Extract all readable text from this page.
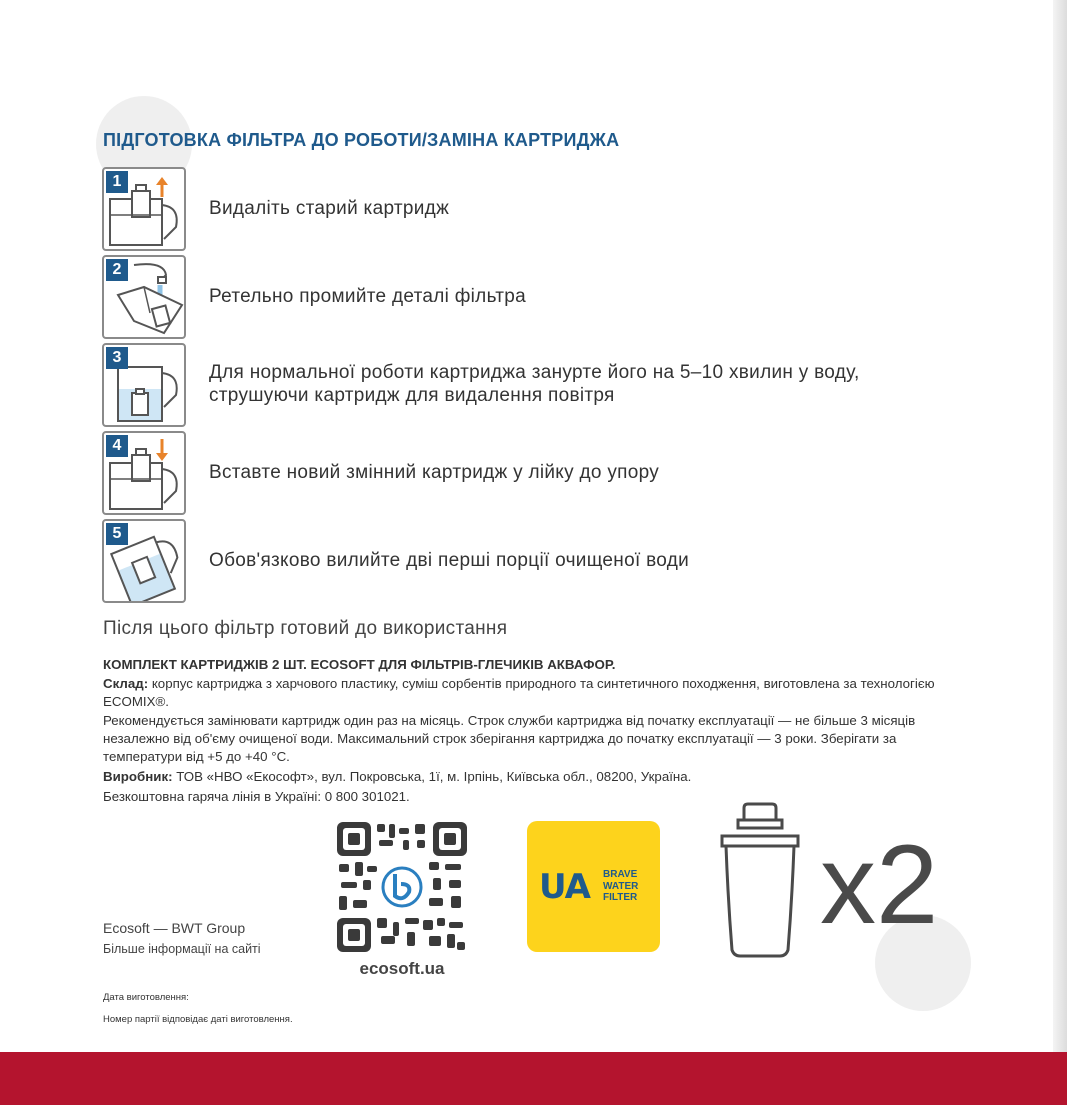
ПІДГОТОВКА ФІЛЬТРА ДО РОБОТИ/ЗАМІНА КАРТРИДЖА
1
Видаліть старий картридж
2
Ретельно промийте деталі фільтра
3
Для нормальної роботи картриджа занурте його на 5–10 хвилин у воду,
струшуючи картридж для видалення повітря
4
Вставте новий змінний картридж у лійку до упору
5
Обов'язково вилийте дві перші порції очищеної води
Після цього фільтр готовий до використання
КОМПЛЕКТ КАРТРИДЖІВ 2 ШТ. ECOSOFT ДЛЯ ФІЛЬТРІВ-ГЛЕЧИКІВ АКВАФОР.
Склад: корпус картриджа з харчового пластику, суміш сорбентів природного та синтетичного походження, виготовлена за технологією ECOMIX®.
Рекомендується замінювати картридж один раз на місяць. Строк служби картриджа від початку експлуатації — не більше 3 місяців незалежно від об'єму очищеної води. Максимальний строк зберігання картриджа до початку експлуатації — 3 роки. Зберігати за температури від +5 до +40 °С.
Виробник: ТОВ «НВО «Екософт», вул. Покровська, 1ї, м. Ірпінь, Київська обл., 08200, Україна.
Безкоштовна гаряча лінія в Україні: 0 800 301021.
Ecosoft — BWT Group
Більше інформації на сайті
ecosoft.ua
UA BRAVE
WATER
FILTER x2
Дата виготовлення:
Номер партії відповідає даті виготовлення.
